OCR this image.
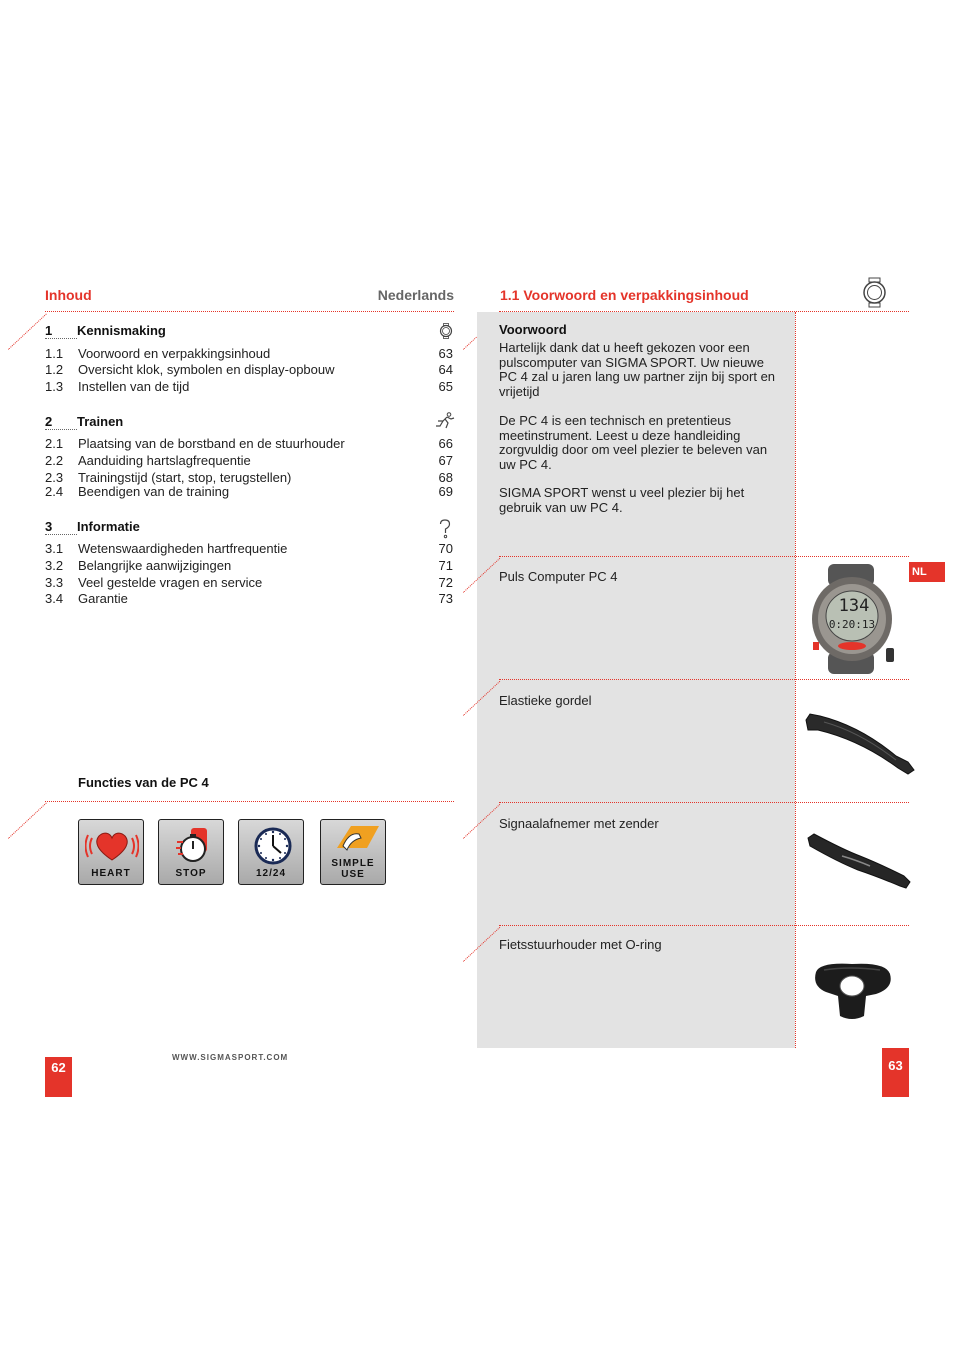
Inhoud	Nederlands
1 Kennismaking
1.1 Voorwoord en verpakkingsinhoud	63
1.2 Oversicht klok, symbolen en display-opbouw	64
1.3 Instellen van de tijd	65
2 Trainen
2.1 Plaatsing van de borstband en de stuurhouder	66
2.2 Aanduiding hartslagfrequentie	67
2.3 Trainingstijd (start, stop, terugstellen)	68
2.4 Beendigen van de training	69
3 Informatie
3.1 Wetenswaardigheden hartfrequentie	70
3.2 Belangrijke aanwijzigingen	71
3.3 Veel gestelde vragen en service	72
3.4 Garantie	73
Functies van de PC 4
HEART	STOP	12/24
SIMPLE USE
WWW.SIGMASPORT.COM
62
1.1 Voorwoord en verpakkingsinhoud
Voorwoord
Hartelijk dank dat u heeft gekozen voor een pulscomputer van SIGMA SPORT. Uw nieuwe PC 4 zal u jaren lang uw partner zijn bij sport en vrijetijd
De PC 4 is een technisch en pretentieus meetinstrument. Leest u deze handleiding zorgvuldig door om veel plezier te beleven van uw PC 4.
SIGMA SPORT wenst u veel plezier bij het gebruik van uw PC 4.
NL
Puls Computer PC 4
134
0:20:13
Elastieke gordel
Signaalafnemer met zender
Fietsstuurhouder met O-ring
63
